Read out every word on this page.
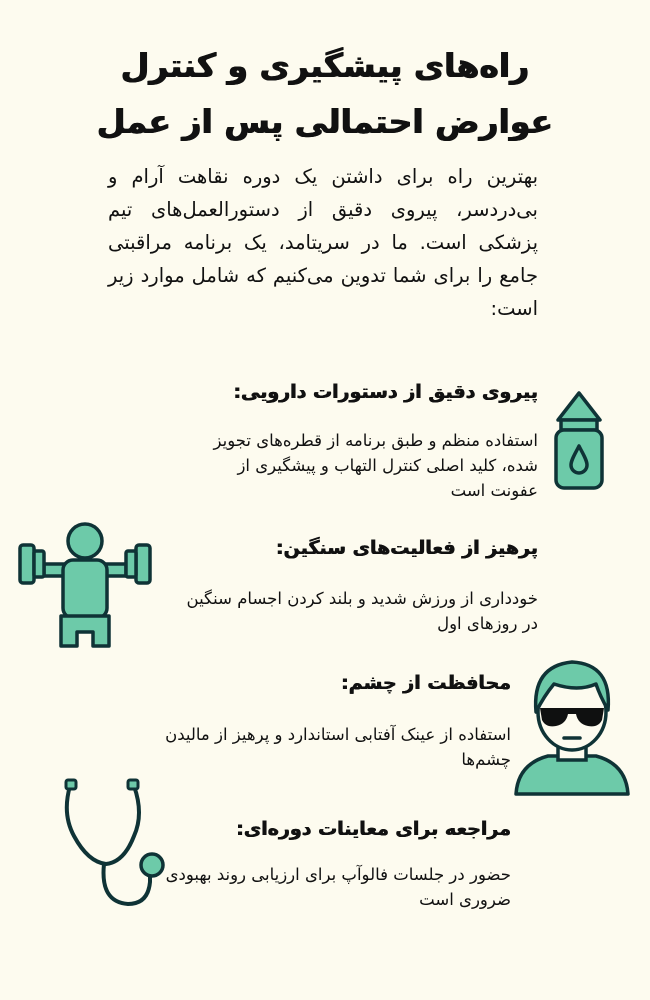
راه‌های پیشگیری و کنترل
عوارض احتمالی پس از عمل

بهترین راه برای داشتن یک دوره نقاهت آرام و بی‌دردسر، پیروی دقیق از دستورالعمل‌های تیم پزشکی است. ما در سریتامد، یک برنامه مراقبتی جامع را برای شما تدوین می‌کنیم که شامل موارد زیر است:

پیروی دقیق از دستورات دارویی:
استفاده منظم و طبق برنامه از قطره‌های تجویز شده، کلید اصلی کنترل التهاب و پیشگیری از عفونت است
پرهیز از فعالیت‌های سنگین:
خودداری از ورزش شدید و بلند کردن اجسام سنگین در روزهای اول
محافظت از چشم:
استفاده از عینک آفتابی استاندارد و پرهیز از مالیدن چشم‌ها
مراجعه برای معاینات دوره‌ای:
حضور در جلسات فالوآپ برای ارزیابی روند بهبودی ضروری است
